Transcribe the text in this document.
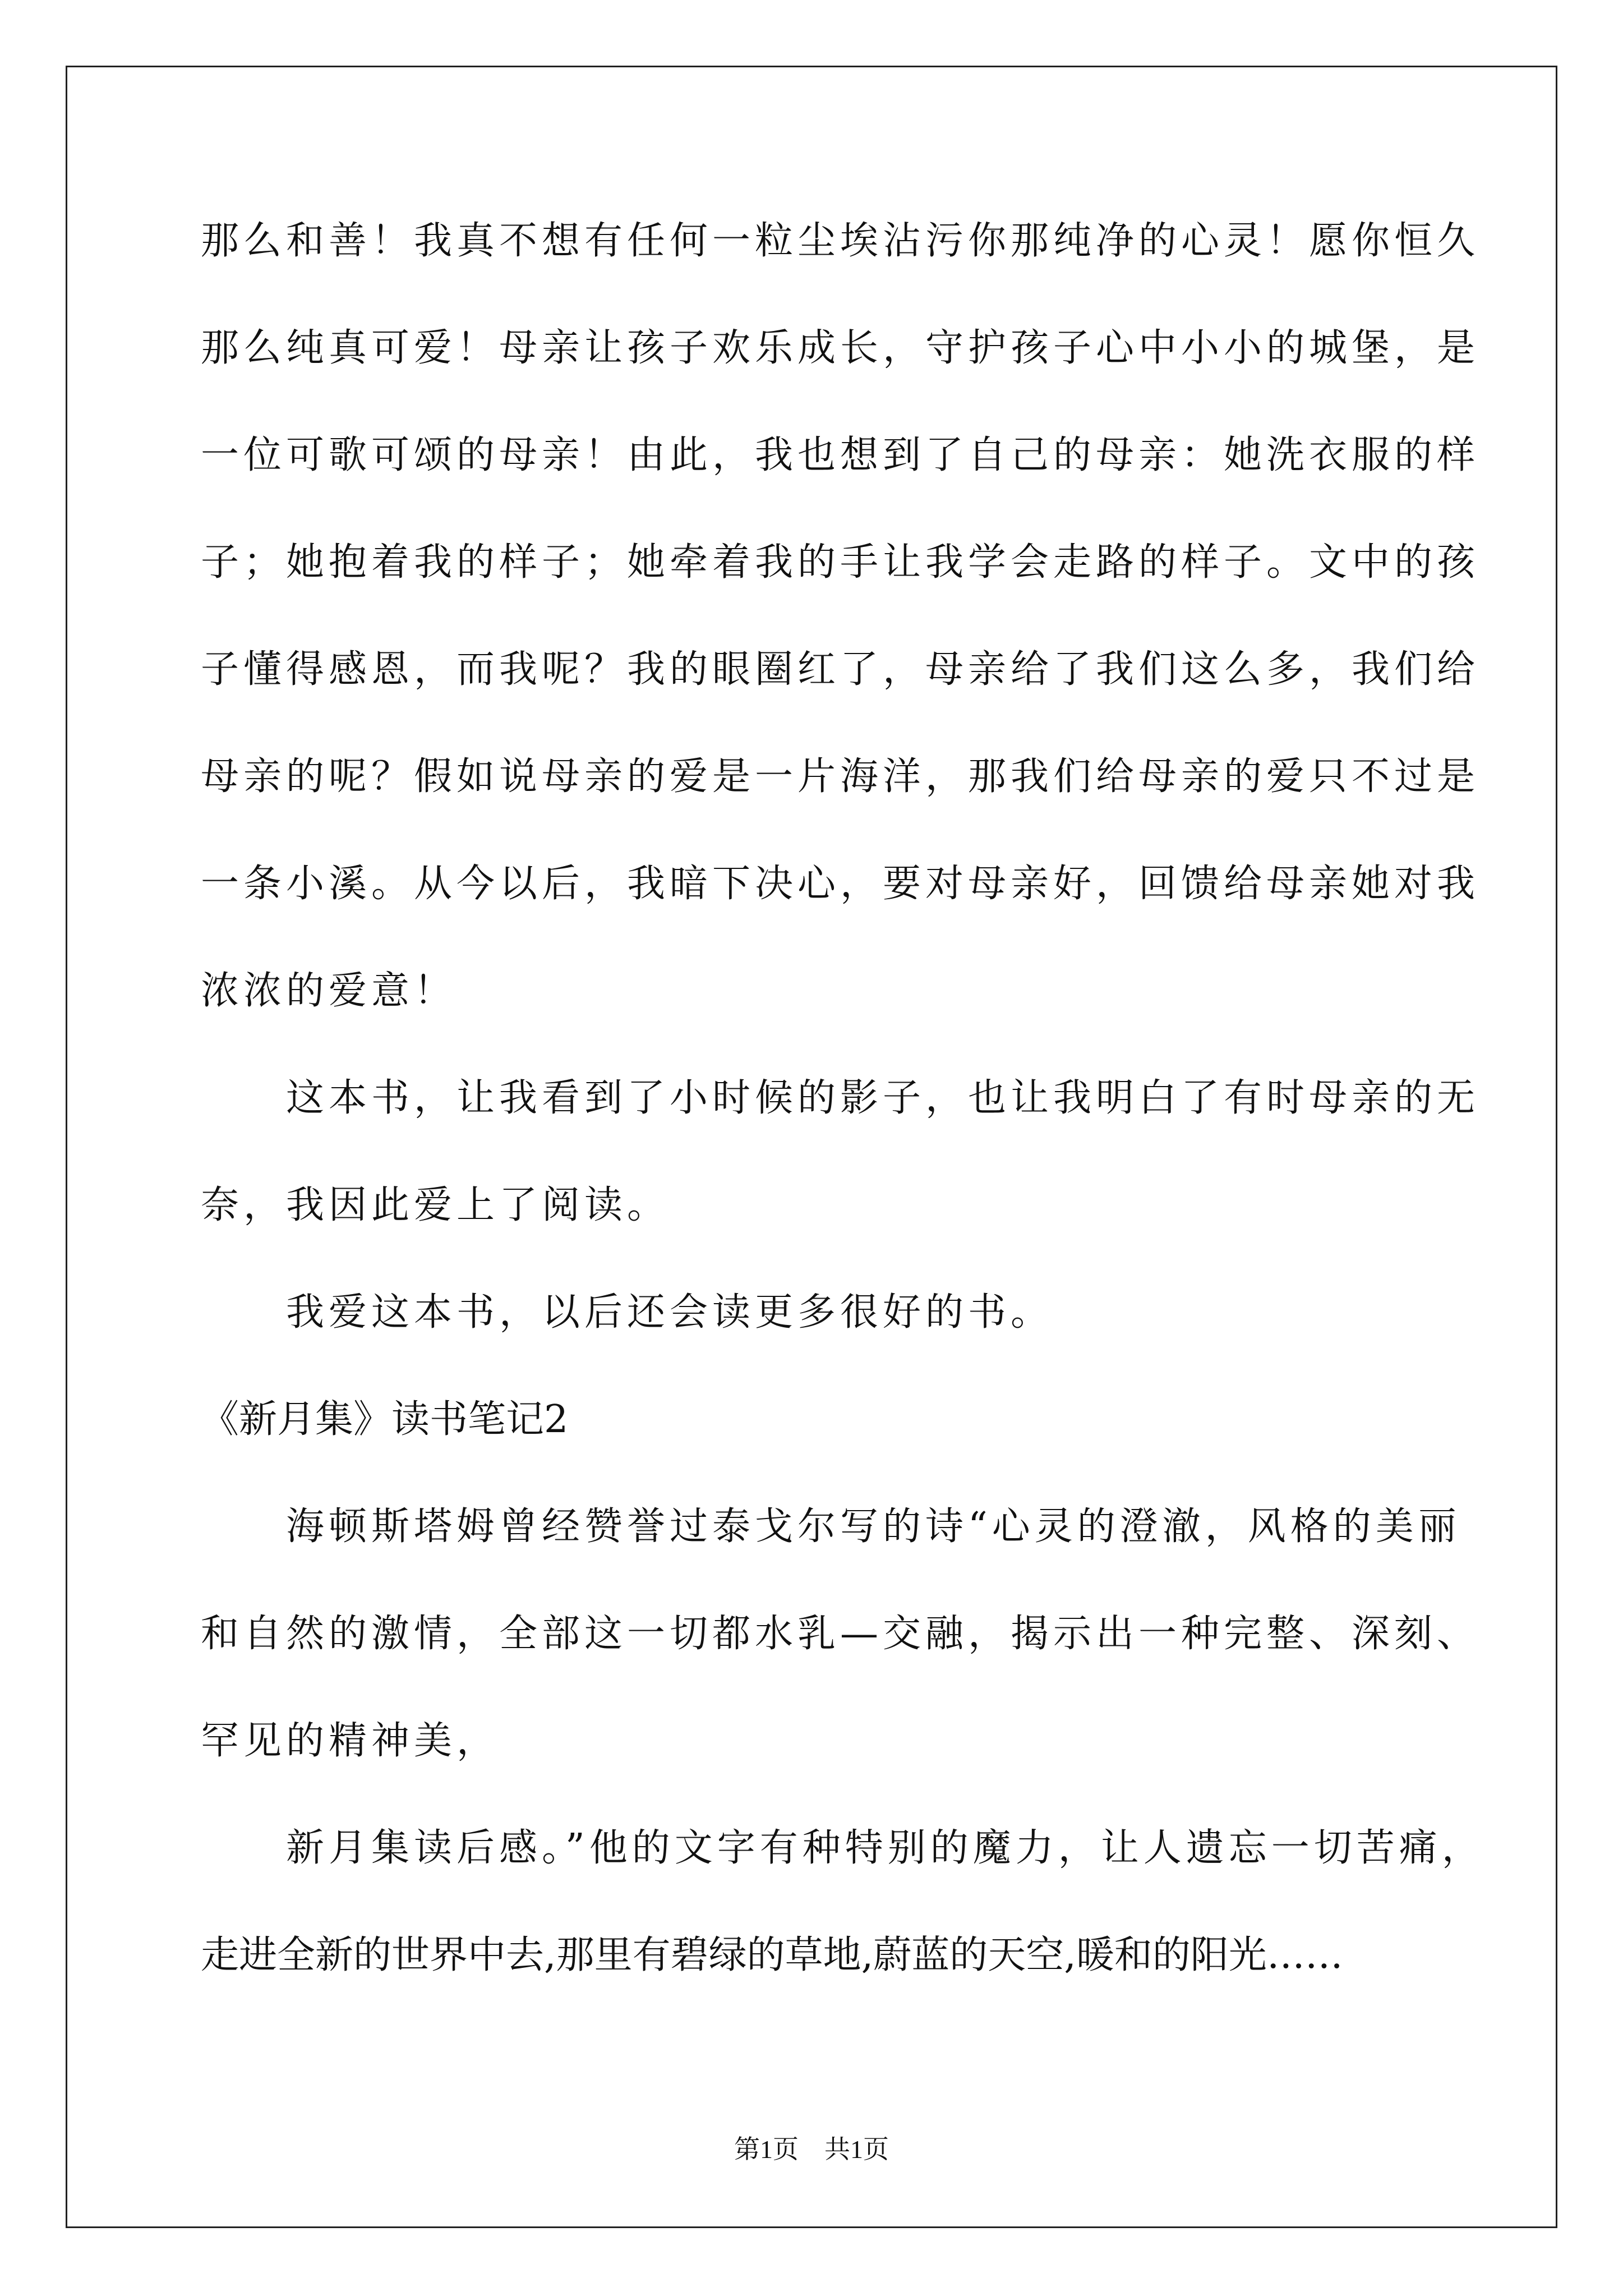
那么和善！我真不想有任何一粒尘埃沾污你那纯净的心灵！愿你恒久
那么纯真可爱！母亲让孩子欢乐成长，守护孩子心中小小的城堡，是
一位可歌可颂的母亲！由此，我也想到了自己的母亲：她洗衣服的样
子；她抱着我的样子；她牵着我的手让我学会走路的样子。文中的孩
子懂得感恩，而我呢？我的眼圈红了，母亲给了我们这么多，我们给
母亲的呢？假如说母亲的爱是一片海洋，那我们给母亲的爱只不过是
一条小溪。从今以后，我暗下决心，要对母亲好，回馈给母亲她对我
浓浓的爱意！
　　这本书，让我看到了小时候的影子，也让我明白了有时母亲的无
奈，我因此爱上了阅读。
　　我爱这本书，以后还会读更多很好的书。
《新月集》读书笔记2
　　海顿斯塔姆曾经赞誉过泰戈尔写的诗“心灵的澄澈，风格的美丽
和自然的激情，全部这一切都水乳—交融，揭示出一种完整、深刻、
罕见的精神美，
　　新月集读后感。”他的文字有种特别的魔力，让人遗忘一切苦痛，
走进全新的世界中去,那里有碧绿的草地,蔚蓝的天空,暖和的阳光……
第1页　共1页
